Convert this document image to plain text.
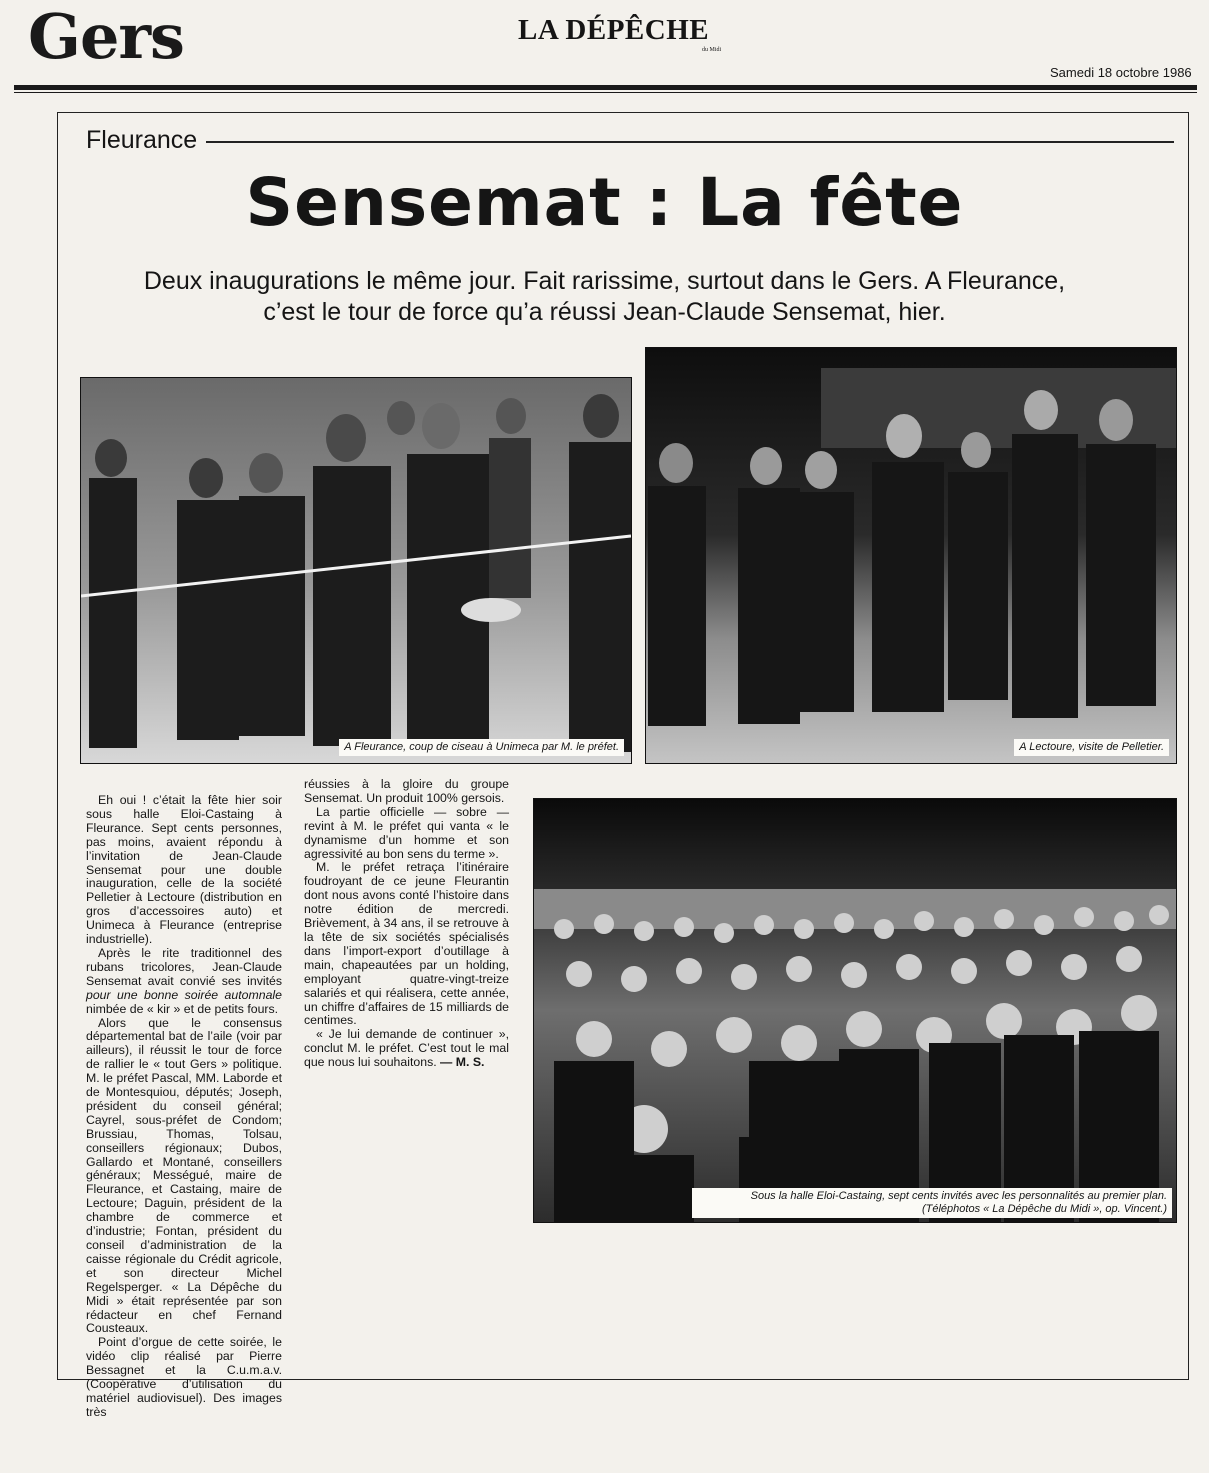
Gers	LA DÉPÊCHE
du Midi
Samedi 18 octobre 1986
Fleurance
Sensemat : La fête
Deux inaugurations le même jour. Fait rarissime, surtout dans le Gers. A Fleurance,
c’est le tour de force qu’a réussi Jean-Claude Sensemat, hier.
A Fleurance, coup de ciseau à Unimeca par M. le préfet.	A Lectoure, visite de Pelletier.
Sous la halle Eloi-Castaing, sept cents invités avec les personnalités au premier plan.
(Téléphotos « La Dépêche du Midi », op. Vincent.)

Eh oui ! c’était la fête hier soir sous halle Eloi-Castaing à Fleurance. Sept cents personnes, pas moins, avaient répondu à l’invitation de Jean-Claude Sensemat pour une double inauguration, celle de la société Pelletier à Lectoure (distribution en gros d’accessoires auto) et Unimeca à Fleurance (entreprise industrielle).

Après le rite traditionnel des rubans tricolores, Jean-Claude Sensemat avait convié ses invités pour une bonne soirée automnale nimbée de « kir » et de petits fours.

Alors que le consensus départemental bat de l’aile (voir par ailleurs), il réussit le tour de force de rallier le « tout Gers » politique. M. le préfet Pascal, MM. Laborde et de Montesquiou, députés; Joseph, président du conseil général; Cayrel, sous-préfet de Condom; Brussiau, Thomas, Tolsau, conseillers régionaux; Dubos, Gallardo et Montané, conseillers généraux; Mességué, maire de Fleurance, et Castaing, maire de Lectoure; Daguin, président de la chambre de commerce et d’industrie; Fontan, président du conseil d’administration de la caisse régionale du Crédit agricole, et son directeur Michel Regelsperger. « La Dépêche du Midi » était représentée par son rédacteur en chef Fernand Cousteaux.

Point d’orgue de cette soirée, le vidéo clip réalisé par Pierre Bessagnet et la C.u.m.a.v. (Coopérative d’utilisation du matériel audiovisuel). Des images très

réussies à la gloire du groupe Sensemat. Un produit 100% gersois.

La partie officielle — sobre — revint à M. le préfet qui vanta « le dynamisme d’un homme et son agressivité au bon sens du terme ».

M. le préfet retraça l’itinéraire foudroyant de ce jeune Fleurantin dont nous avons conté l’histoire dans notre édition de mercredi. Brièvement, à 34 ans, il se retrouve à la tête de six sociétés spécialisés dans l’import-export d’outillage à main, chapeautées par un holding, employant quatre-vingt-treize salariés et qui réalisera, cette année, un chiffre d’affaires de 15 milliards de centimes.

« Je lui demande de continuer », conclut M. le préfet. C’est tout le mal que nous lui souhaitons. — M. S.
